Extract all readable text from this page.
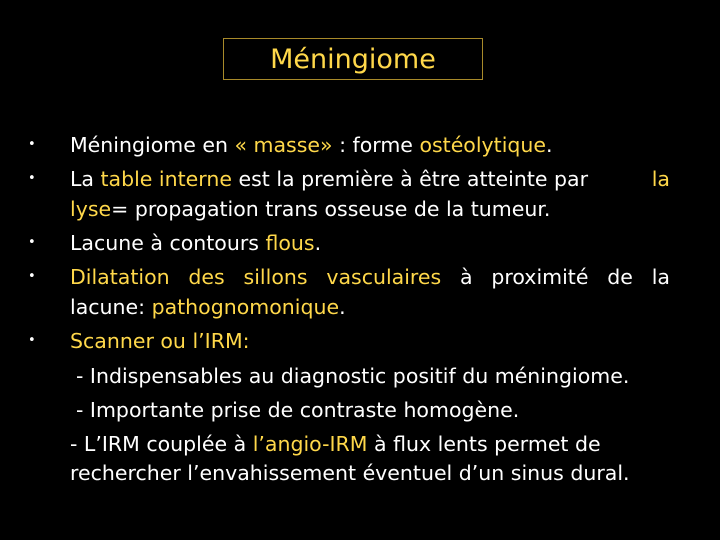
Méningiome
• Méningiome en « masse» : forme ostéolytique.
• La table interne est la première à être atteinte par	la
lyse= propagation trans osseuse de la tumeur.
• Lacune à contours flous.
• Dilatation des sillons vasculaires à proximité de la
lacune: pathognomonique.
• Scanner ou l’IRM:
- Indispensables au diagnostic positif du méningiome.
- Importante prise de contraste homogène.
- L’IRM couplée à l’angio-IRM à flux lents permet de
rechercher l’envahissement éventuel d’un sinus dural.
